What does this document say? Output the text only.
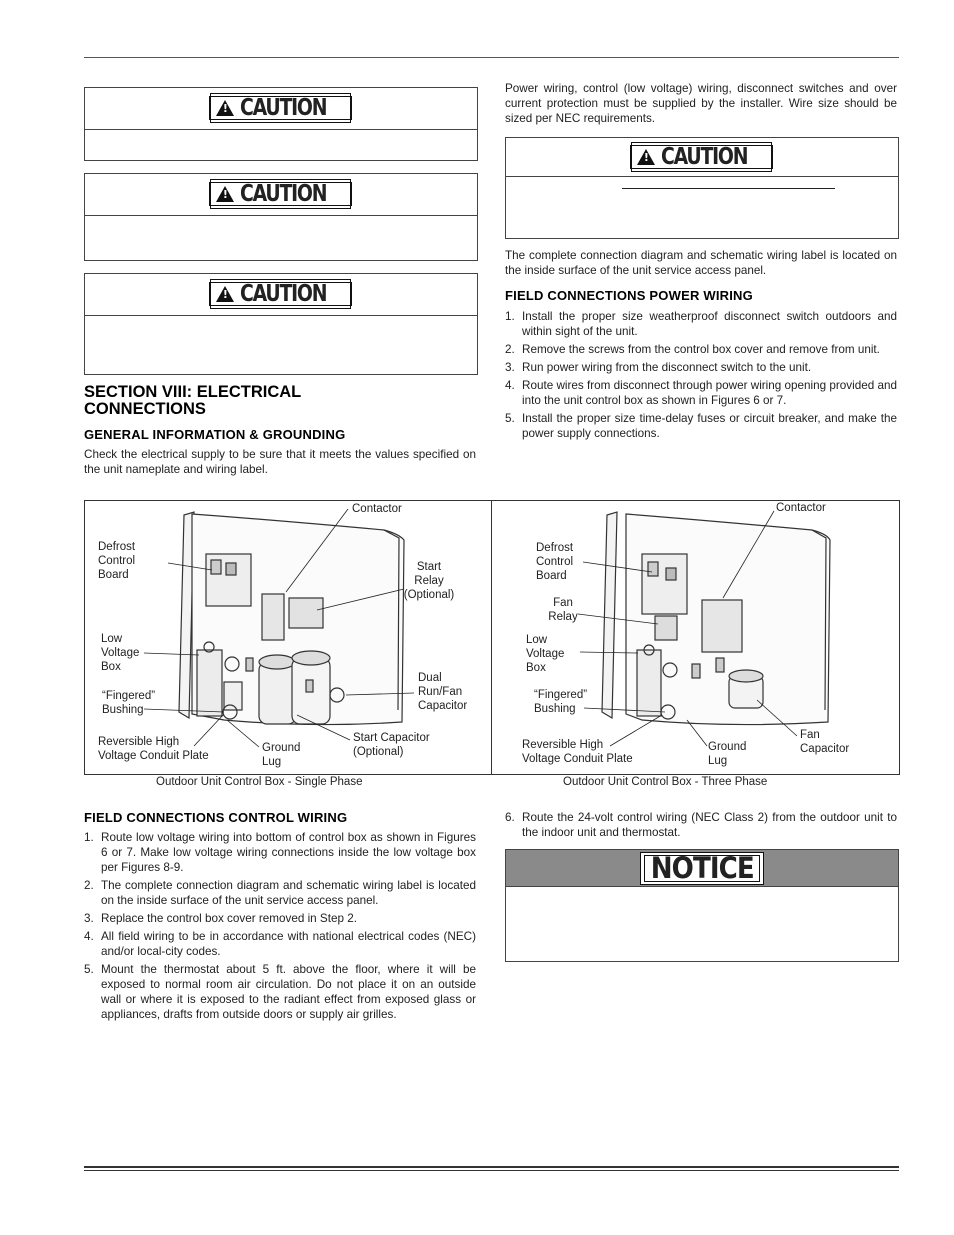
!
CAUTION
!
CAUTION
!
CAUTION
SECTION VIII: ELECTRICAL CONNECTIONS
GENERAL INFORMATION & GROUNDING
Check the electrical supply to be sure that it meets the values specified on the unit nameplate and wiring label.
Power wiring, control (low voltage) wiring, disconnect switches and over current protection must be supplied by the installer. Wire size should be sized per NEC requirements.
!
CAUTION
The complete connection diagram and schematic wiring label is located on the inside surface of the unit service access panel.
FIELD CONNECTIONS POWER WIRING
1. Install the proper size weatherproof disconnect switch outdoors and within sight of the unit.
2. Remove the screws from the control box cover and remove from unit.
3. Run power wiring from the disconnect switch to the unit.
4. Route wires from disconnect through power wiring opening provided and into the unit control box as shown in Figures 6 or 7.
5. Install the proper size time-delay fuses or circuit breaker, and make the power supply connections.
Contactor
Defrost
Control
Board
Start
Relay
(Optional)
Low
Voltage
Box
Dual
Run/Fan
Capacitor
“Fingered”
Bushing
Reversible High
Voltage Conduit Plate
Ground
Lug
Start Capacitor
(Optional)
Outdoor Unit Control Box - Single Phase
Contactor
Defrost
Control
Board
Fan
Relay
Low
Voltage
Box
“Fingered”
Bushing
Reversible High
Voltage Conduit Plate
Ground
Lug
Fan
Capacitor
Outdoor Unit Control Box - Three Phase
FIELD CONNECTIONS CONTROL WIRING
1. Route low voltage wiring into bottom of control box as shown in Figures 6 or 7. Make low voltage wiring connections inside the low voltage box per Figures 8-9.
2. The complete connection diagram and schematic wiring label is located on the inside surface of the unit service access panel.
3. Replace the control box cover removed in Step 2.
4. All field wiring to be in accordance with national electrical codes (NEC) and/or local-city codes.
5. Mount the thermostat about 5 ft. above the floor, where it will be exposed to normal room air circulation. Do not place it on an outside wall or where it is exposed to the radiant effect from exposed glass or appliances, drafts from outside doors or supply air grilles.
6. Route the 24-volt control wiring (NEC Class 2) from the outdoor unit to the indoor unit and thermostat.
NOTICE
